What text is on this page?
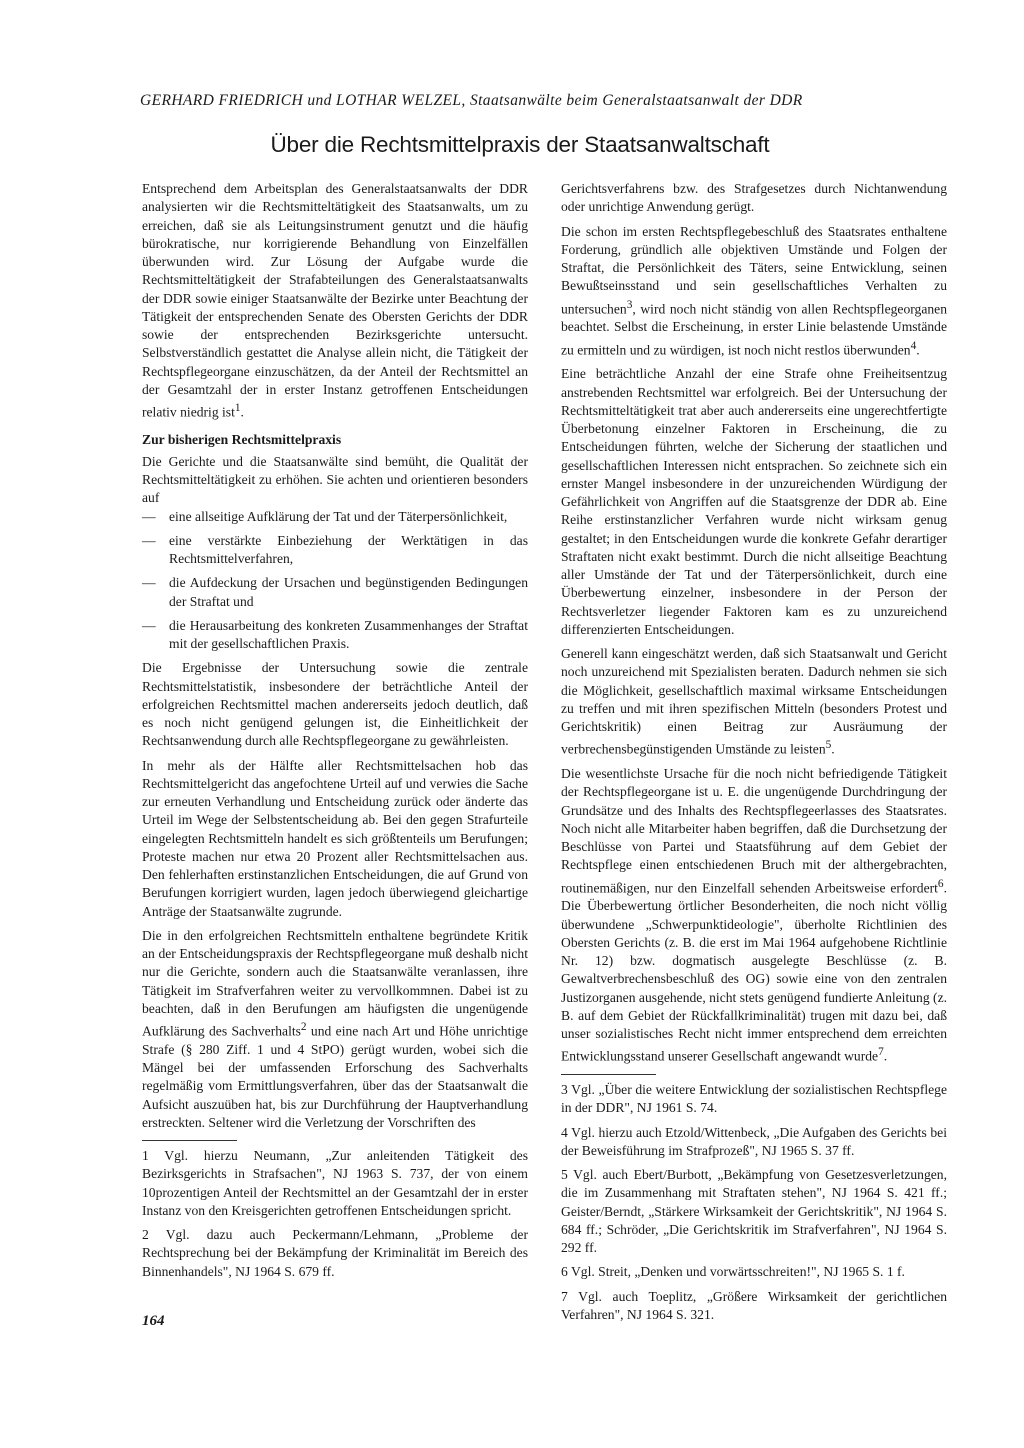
GERHARD FRIEDRICH und LOTHAR WELZEL, Staatsanwälte beim Generalstaatsanwalt der DDR
Über die Rechtsmittelpraxis der Staatsanwaltschaft

Entsprechend dem Arbeitsplan des Generalstaatsanwalts der DDR analysierten wir die Rechtsmitteltätigkeit des Staatsanwalts, um zu erreichen, daß sie als Leitungsinstrument genutzt und die häufig bürokratische, nur korrigierende Behandlung von Einzelfällen überwunden wird. Zur Lösung der Aufgabe wurde die Rechtsmitteltätigkeit der Strafabteilungen des Generalstaatsanwalts der DDR sowie einiger Staatsanwälte der Bezirke unter Beachtung der Tätigkeit der entsprechenden Senate des Obersten Gerichts der DDR sowie der entsprechenden Bezirksgerichte untersucht. Selbstverständlich gestattet die Analyse allein nicht, die Tätigkeit der Rechtspflegeorgane einzuschätzen, da der Anteil der Rechtsmittel an der Gesamtzahl der in erster Instanz getroffenen Entscheidungen relativ niedrig ist$^1$.

Zur bisherigen Rechtsmittelpraxis

Die Gerichte und die Staatsanwälte sind bemüht, die Qualität der Rechtsmitteltätigkeit zu erhöhen. Sie achten und orientieren besonders auf

— eine allseitige Aufklärung der Tat und der Täterpersönlichkeit,
— eine verstärkte Einbeziehung der Werktätigen in das Rechtsmittelverfahren,
— die Aufdeckung der Ursachen und begünstigenden Bedingungen der Straftat und
— die Herausarbeitung des konkreten Zusammenhanges der Straftat mit der gesellschaftlichen Praxis.

Die Ergebnisse der Untersuchung sowie die zentrale Rechtsmittelstatistik, insbesondere der beträchtliche Anteil der erfolgreichen Rechtsmittel machen andererseits jedoch deutlich, daß es noch nicht genügend gelungen ist, die Einheitlichkeit der Rechtsanwendung durch alle Rechtspflegeorgane zu gewährleisten.

In mehr als der Hälfte aller Rechtsmittelsachen hob das Rechtsmittelgericht das angefochtene Urteil auf und verwies die Sache zur erneuten Verhandlung und Entscheidung zurück oder änderte das Urteil im Wege der Selbstentscheidung ab. Bei den gegen Strafurteile eingelegten Rechtsmitteln handelt es sich größtenteils um Berufungen; Proteste machen nur etwa 20 Prozent aller Rechtsmittelsachen aus. Den fehlerhaften erstinstanzlichen Entscheidungen, die auf Grund von Berufungen korrigiert wurden, lagen jedoch überwiegend gleichartige Anträge der Staatsanwälte zugrunde.

Die in den erfolgreichen Rechtsmitteln enthaltene begründete Kritik an der Entscheidungspraxis der Rechtspflegeorgane muß deshalb nicht nur die Gerichte, sondern auch die Staatsanwälte veranlassen, ihre Tätigkeit im Strafverfahren weiter zu vervollkommnen. Dabei ist zu beachten, daß in den Berufungen am häufigsten die ungenügende Aufklärung des Sachverhalts$^2$ und eine nach Art und Höhe unrichtige Strafe (§ 280 Ziff. 1 und 4 StPO) gerügt wurden, wobei sich die Mängel bei der umfassenden Erforschung des Sachverhalts regelmäßig vom Ermittlungsverfahren, über das der Staatsanwalt die Aufsicht auszuüben hat, bis zur Durchführung der Hauptverhandlung erstreckten. Seltener wird die Verletzung der Vorschriften des

1 Vgl. hierzu Neumann, „Zur anleitenden Tätigkeit des Bezirksgerichts in Strafsachen", NJ 1963 S. 737, der von einem 10prozentigen Anteil der Rechtsmittel an der Gesamtzahl der in erster Instanz von den Kreisgerichten getroffenen Entscheidungen spricht.

2 Vgl. dazu auch Peckermann/Lehmann, „Probleme der Rechtsprechung bei der Bekämpfung der Kriminalität im Bereich des Binnenhandels", NJ 1964 S. 679 ff.

Gerichtsverfahrens bzw. des Strafgesetzes durch Nichtanwendung oder unrichtige Anwendung gerügt.

Die schon im ersten Rechtspflegebeschluß des Staatsrates enthaltene Forderung, gründlich alle objektiven Umstände und Folgen der Straftat, die Persönlichkeit des Täters, seine Entwicklung, seinen Bewußtseinsstand und sein gesellschaftliches Verhalten zu untersuchen$^3$, wird noch nicht ständig von allen Rechtspflegeorganen beachtet. Selbst die Erscheinung, in erster Linie belastende Umstände zu ermitteln und zu würdigen, ist noch nicht restlos überwunden$^4$.

Eine beträchtliche Anzahl der eine Strafe ohne Freiheitsentzug anstrebenden Rechtsmittel war erfolgreich. Bei der Untersuchung der Rechtsmitteltätigkeit trat aber auch andererseits eine ungerechtfertigte Überbetonung einzelner Faktoren in Erscheinung, die zu Entscheidungen führten, welche der Sicherung der staatlichen und gesellschaftlichen Interessen nicht entsprachen. So zeichnete sich ein ernster Mangel insbesondere in der unzureichenden Würdigung der Gefährlichkeit von Angriffen auf die Staatsgrenze der DDR ab. Eine Reihe erstinstanzlicher Verfahren wurde nicht wirksam genug gestaltet; in den Entscheidungen wurde die konkrete Gefahr derartiger Straftaten nicht exakt bestimmt. Durch die nicht allseitige Beachtung aller Umstände der Tat und der Täterpersönlichkeit, durch eine Überbewertung einzelner, insbesondere in der Person der Rechtsverletzer liegender Faktoren kam es zu unzureichend differenzierten Entscheidungen.

Generell kann eingeschätzt werden, daß sich Staatsanwalt und Gericht noch unzureichend mit Spezialisten beraten. Dadurch nehmen sie sich die Möglichkeit, gesellschaftlich maximal wirksame Entscheidungen zu treffen und mit ihren spezifischen Mitteln (besonders Protest und Gerichtskritik) einen Beitrag zur Ausräumung der verbrechensbegünstigenden Umstände zu leisten$^5$.

Die wesentlichste Ursache für die noch nicht befriedigende Tätigkeit der Rechtspflegeorgane ist u. E. die ungenügende Durchdringung der Grundsätze und des Inhalts des Rechtspflegeerlasses des Staatsrates. Noch nicht alle Mitarbeiter haben begriffen, daß die Durchsetzung der Beschlüsse von Partei und Staatsführung auf dem Gebiet der Rechtspflege einen entschiedenen Bruch mit der althergebrachten, routinemäßigen, nur den Einzelfall sehenden Arbeitsweise erfordert$^6$. Die Überbewertung örtlicher Besonderheiten, die noch nicht völlig überwundene „Schwerpunktideologie", überholte Richtlinien des Obersten Gerichts (z. B. die erst im Mai 1964 aufgehobene Richtlinie Nr. 12) bzw. dogmatisch ausgelegte Beschlüsse (z. B. Gewaltverbrechensbeschluß des OG) sowie eine von den zentralen Justizorganen ausgehende, nicht stets genügend fundierte Anleitung (z. B. auf dem Gebiet der Rückfallkriminalität) trugen mit dazu bei, daß unser sozialistisches Recht nicht immer entsprechend dem erreichten Entwicklungsstand unserer Gesellschaft angewandt wurde$^7$.

3 Vgl. „Über die weitere Entwicklung der sozialistischen Rechtspflege in der DDR", NJ 1961 S. 74.

4 Vgl. hierzu auch Etzold/Wittenbeck, „Die Aufgaben des Gerichts bei der Beweisführung im Strafprozeß", NJ 1965 S. 37 ff.

5 Vgl. auch Ebert/Burbott, „Bekämpfung von Gesetzesverletzungen, die im Zusammenhang mit Straftaten stehen", NJ 1964 S. 421 ff.; Geister/Berndt, „Stärkere Wirksamkeit der Gerichtskritik", NJ 1964 S. 684 ff.; Schröder, „Die Gerichtskritik im Strafverfahren", NJ 1964 S. 292 ff.

6 Vgl. Streit, „Denken und vorwärtsschreiten!", NJ 1965 S. 1 f.

7 Vgl. auch Toeplitz, „Größere Wirksamkeit der gerichtlichen Verfahren", NJ 1964 S. 321.

164
